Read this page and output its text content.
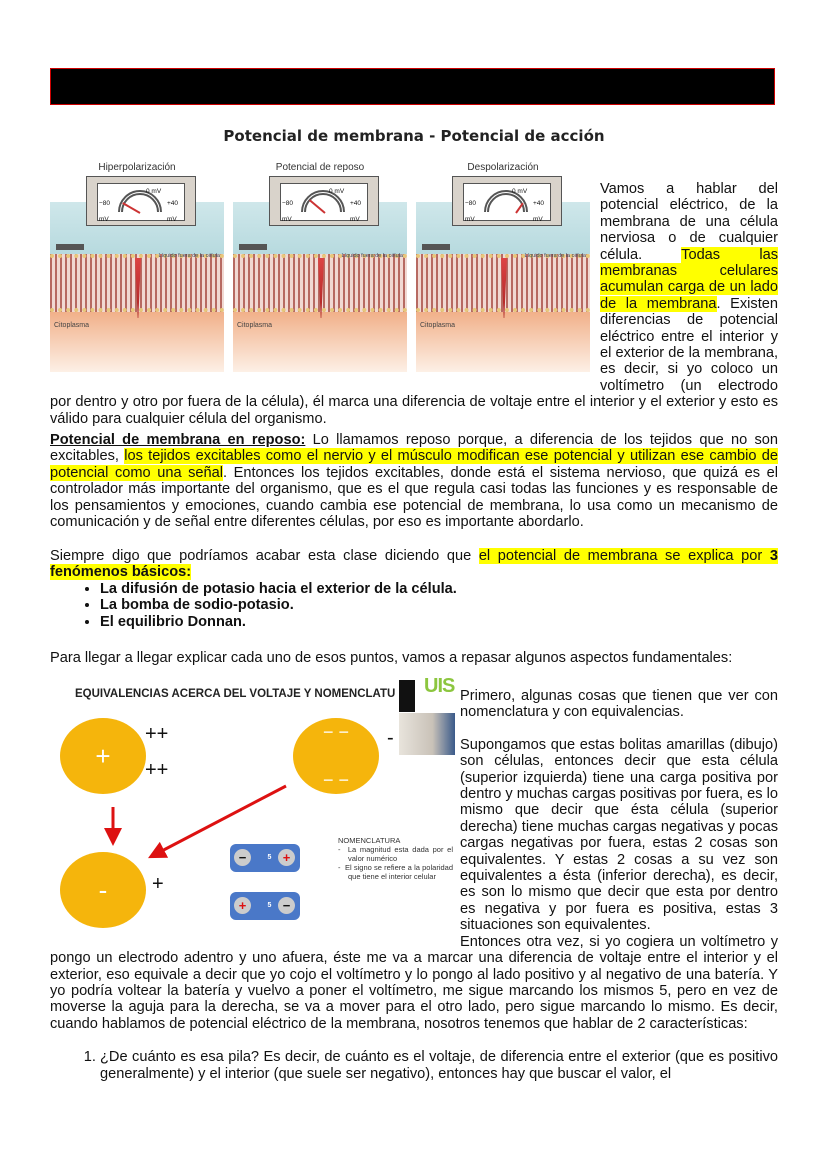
Potencial de membrana - Potencial de acción
Citoplasma
Hiperpolarización
Líquido fuera de la célula
0 mV
−80 mV
+40 mV
Citoplasma
Potencial de reposo
Líquido fuera de la célula
0 mV
−80 mV
+40 mV
Citoplasma
Despolarización
Líquido fuera de la célula
0 mV
−80 mV
+40 mV
Vamos a hablar del potencial eléctrico, de la membrana de una célula nerviosa o de cualquier célula. Todas las membranas celulares acumulan carga de un lado de la membrana. Existen diferencias de potencial eléctrico entre el interior y el exterior de la membrana, es decir, si yo coloco un voltímetro (un electrodo por dentro y otro por fuera de la célula), él marca una diferencia de voltaje entre el interior y el exterior y esto es válido para cualquier célula del organismo.
Potencial de membrana en reposo: Lo llamamos reposo porque, a diferencia de los tejidos que no son excitables, los tejidos excitables como el nervio y el músculo modifican ese potencial y utilizan ese cambio de potencial como una señal. Entonces los tejidos excitables, donde está el sistema nervioso, que quizá es el controlador más importante del organismo, que es el que regula casi todas las funciones y es responsable de los pensamientos y emociones, cuando cambia ese potencial de membrana, lo usa como un mecanismo de comunicación y de señal entre diferentes células, por eso es importante abordarlo.
Siempre digo que podríamos acabar esta clase diciendo que el potencial de membrana se explica por 3 fenómenos básicos:
• La difusión de potasio hacia el exterior de la célula.
• La bomba de sodio-potasio.
• El equilibrio Donnan.
Para llegar a llegar explicar cada uno de esos puntos, vamos a repasar algunos aspectos fundamentales:
EQUIVALENCIAS ACERCA DEL VOLTAJE Y NOMENCLATU UIS
+
++
++
− −
− −
-
-	+
−	5 +
+	5 −
NOMENCLATURA
-  La magnitud esta dada por el valor numérico
-  El signo se refiere a la polaridad que tiene el interior celular
Primero, algunas cosas que tienen que ver con nomenclatura y con equivalencias.
Supongamos que estas bolitas amarillas (dibujo) son células, entonces decir que esta célula (superior izquierda) tiene una carga positiva por dentro y muchas cargas positivas por fuera, es lo mismo que decir que ésta célula (superior derecha) tiene muchas cargas negativas y pocas cargas negativas por fuera, estas 2 cosas son equivalentes. Y estas 2 cosas a su vez son equivalentes a ésta (inferior derecha), es decir, es son lo mismo que decir que esta por dentro es negativa y por fuera es positiva, estas 3 situaciones son equivalentes.
Entonces otra vez, si yo cogiera un voltímetro y pongo un electrodo adentro y uno afuera, éste me va a marcar una diferencia de voltaje entre el interior y el exterior, eso equivale a decir que yo cojo el voltímetro y lo pongo al lado positivo y al negativo de una batería. Y yo podría voltear la batería y vuelvo a poner el voltímetro, me sigue marcando los mismos 5, pero en vez de moverse la aguja para la derecha, se va a mover para el otro lado, pero sigue marcando lo mismo. Es decir, cuando hablamos de potencial eléctrico de la membrana, nosotros tenemos que hablar de 2 características:
1. ¿De cuánto es esa pila? Es decir, de cuánto es el voltaje, de diferencia entre el exterior (que es positivo generalmente) y el interior (que suele ser negativo), entonces hay que buscar el valor, el
